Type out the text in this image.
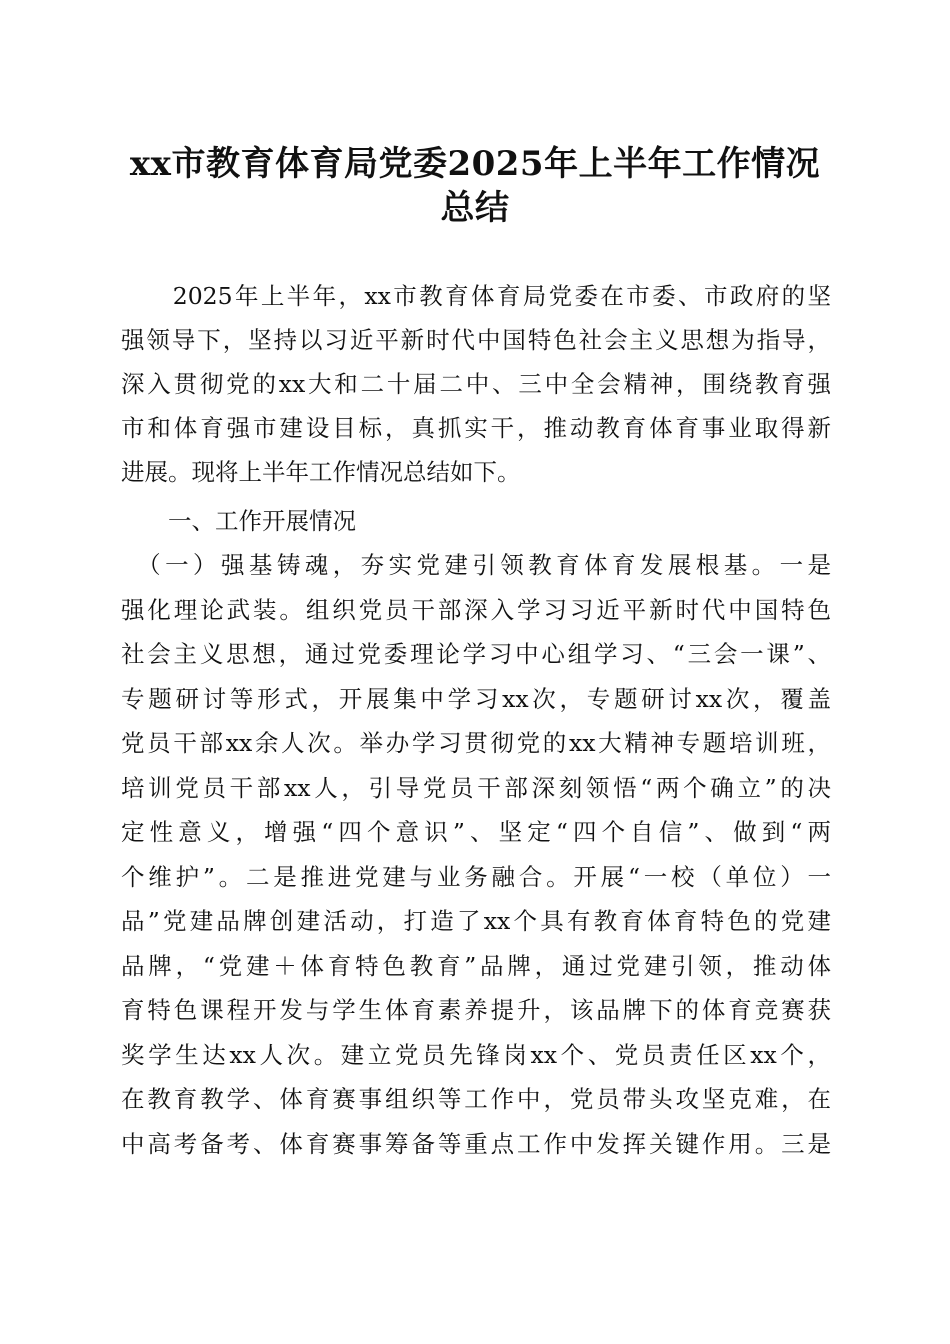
xx市教育体育局党委2025年上半年工作情况
总结

　　2025年上半年，xx市教育体育局党委在市委、市政府的坚

强领导下，坚持以习近平新时代中国特色社会主义思想为指导，

深入贯彻党的xx大和二十届二中、三中全会精神，围绕教育强

市和体育强市建设目标，真抓实干，推动教育体育事业取得新

进展。现将上半年工作情况总结如下。

一、工作开展情况

　（一）强基铸魂，夯实党建引领教育体育发展根基。一是

强化理论武装。组织党员干部深入学习习近平新时代中国特色

社会主义思想，通过党委理论学习中心组学习、“三会一课”、

专题研讨等形式，开展集中学习xx次，专题研讨xx次，覆盖

党员干部xx余人次。举办学习贯彻党的xx大精神专题培训班，

培训党员干部xx人，引导党员干部深刻领悟“两个确立”的决

定性意义，增强“四个意识”、坚定“四个自信”、做到“两

个维护”。二是推进党建与业务融合。开展“一校（单位）一

品”党建品牌创建活动，打造了xx个具有教育体育特色的党建

品牌，“党建＋体育特色教育”品牌，通过党建引领，推动体

育特色课程开发与学生体育素养提升，该品牌下的体育竞赛获

奖学生达xx人次。建立党员先锋岗xx个、党员责任区xx个，

在教育教学、体育赛事组织等工作中，党员带头攻坚克难，在

中高考备考、体育赛事筹备等重点工作中发挥关键作用。三是
